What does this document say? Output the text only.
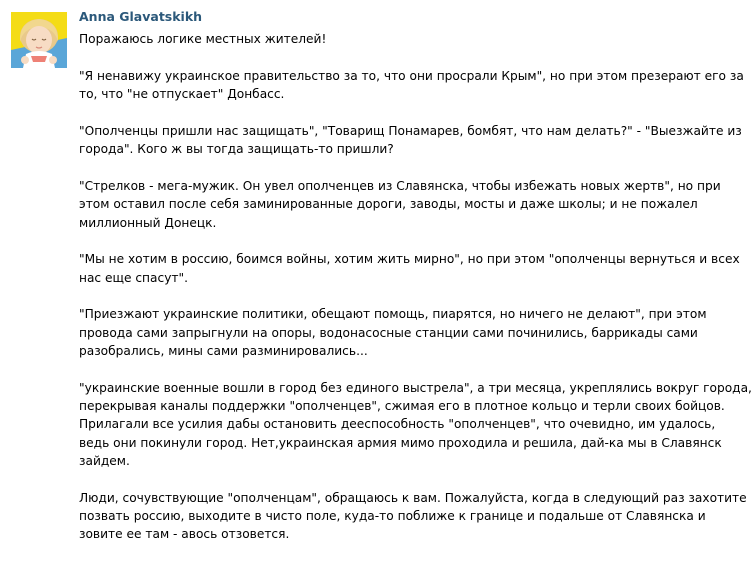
Anna Glavatskikh

Поражаюсь логике местных жителей!

"Я ненавижу украинское правительство за то, что они просрали Крым", но при этом презерают его за
то, что "не отпускает" Донбасс.

"Ополченцы пришли нас защищать", "Товарищ Понамарев, бомбят, что нам делать?" - "Выезжайте из
города". Кого ж вы тогда защищать-то пришли?

"Стрелков - мега-мужик. Он увел ополченцев из Славянска, чтобы избежать новых жертв", но при
этом оставил после себя заминированные дороги, заводы, мосты и даже школы; и не пожалел
миллионный Донецк.

"Мы не хотим в россию, боимся войны, хотим жить мирно", но при этом "ополченцы вернуться и всех
нас еще спасут".

"Приезжают украинские политики, обещают помощь, пиарятся, но ничего не делают", при этом
провода сами запрыгнули на опоры, водонасосные станции сами починились, баррикады сами
разобрались, мины сами разминировались...

"украинские военные вошли в город без единого выстрела", а три месяца, укреплялись вокруг города,
перекрывая каналы поддержки "ополченцев", сжимая его в плотное кольцо и терли своих бойцов.
Прилагали все усилия дабы остановить дееспособность "ополченцев", что очевидно, им удалось,
ведь они покинули город. Нет,украинская армия мимо проходила и решила, дай-ка мы в Славянск
зайдем.

Люди, сочувствующие "ополченцам", обращаюсь к вам. Пожалуйста, когда в следующий раз захотите
позвать россию, выходите в чисто поле, куда-то поближе к границе и подальше от Славянска и
зовите ее там - авось отзовется.
